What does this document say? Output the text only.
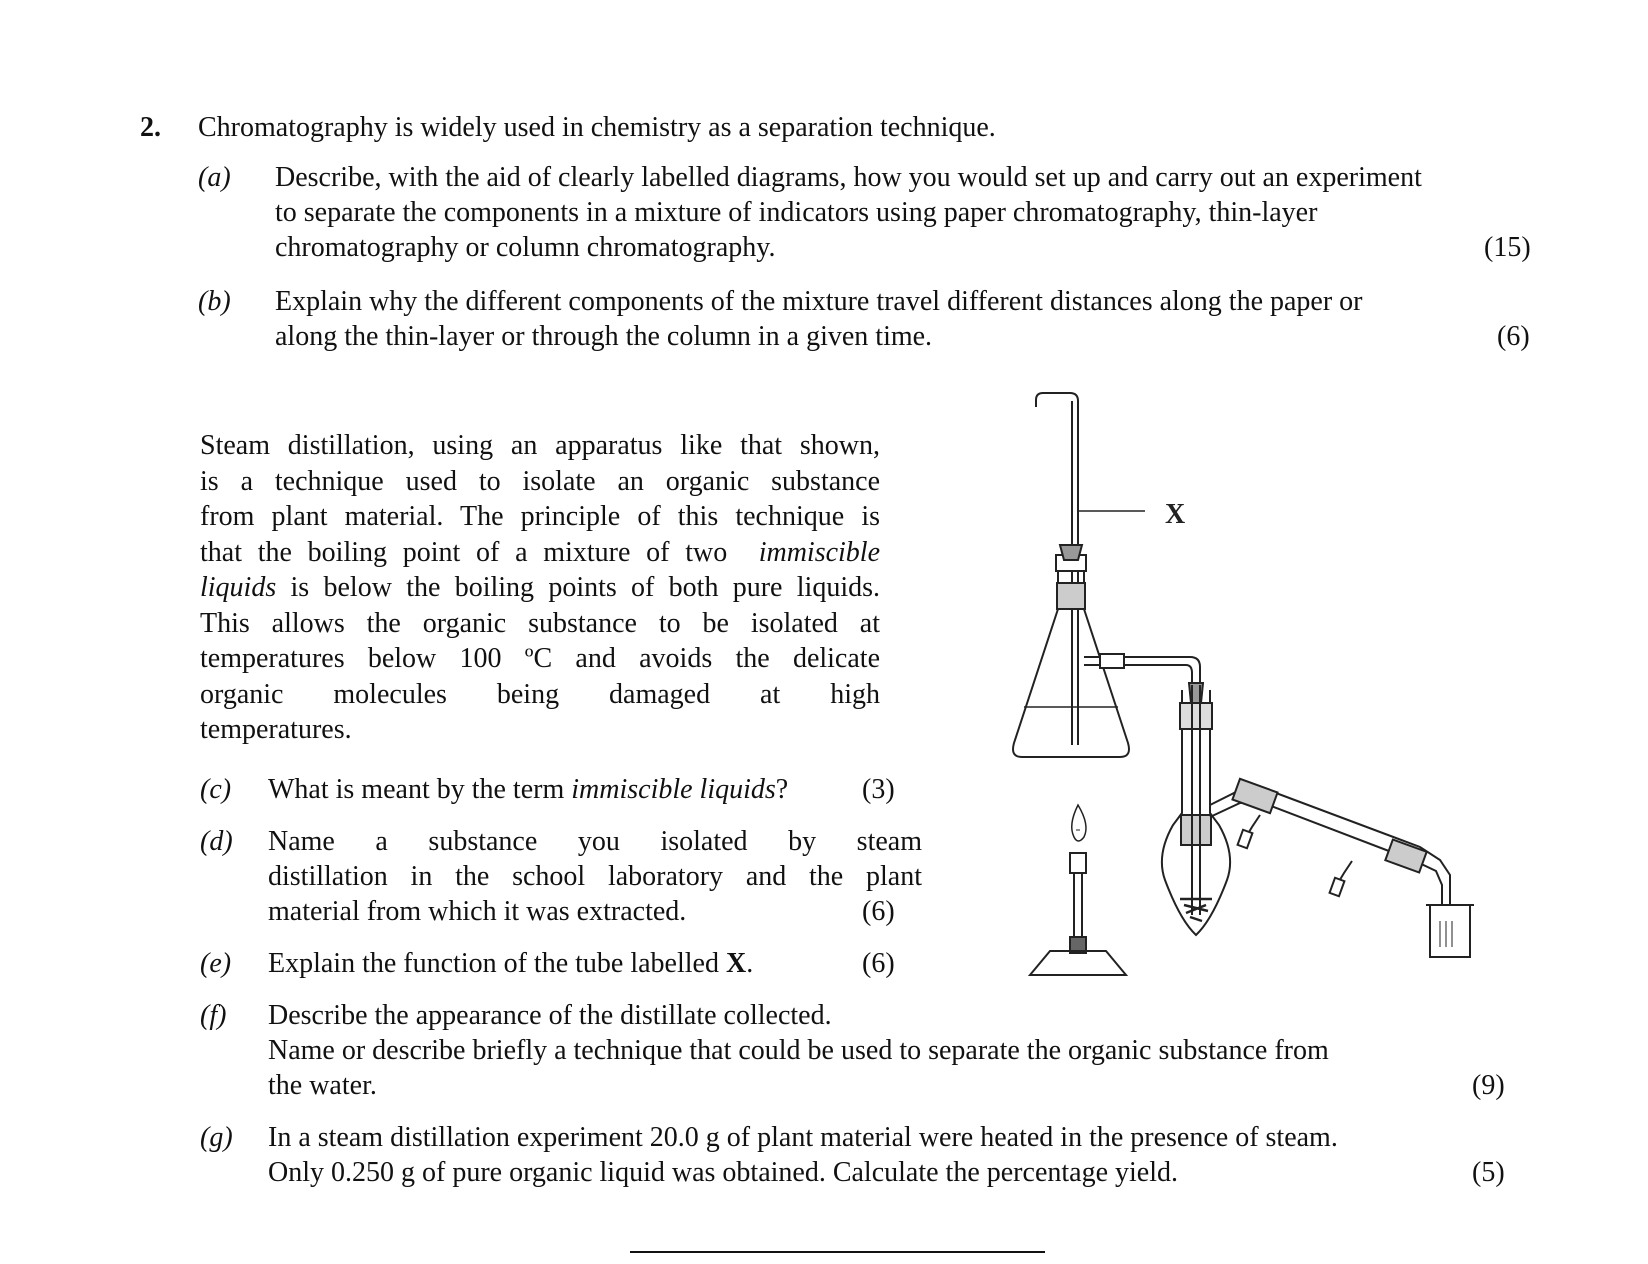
2. Chromatography is widely used in chemistry as a separation technique.
(a) Describe, with the aid of clearly labelled diagrams, how you would set up and carry out an experiment
to separate the components in a mixture of indicators using paper chromatography, thin-layer
chromatography or column chromatography.	(15)
(b) Explain why the different components of the mixture travel different distances along the paper or
along the thin-layer or through the column in a given time.	(6)
Steam distillation, using an apparatus like that shown,
is a technique used to isolate an organic substance
from plant material. The principle of this technique is
that the boiling point of a mixture of two immiscible
liquids is below the boiling points of both pure liquids.
This allows the organic substance to be isolated at
temperatures below 100 ºC and avoids the delicate
organic molecules being damaged at high
temperatures.
(c) What is meant by the term immiscible liquids?	(3)
(d) Name a substance you isolated by steam
distillation in the school laboratory and the plant
material from which it was extracted.	(6)
(e) Explain the function of the tube labelled X.	(6)
(f) Describe the appearance of the distillate collected.
Name or describe briefly a technique that could be used to separate the organic substance from
the water.	(9)
(g) In a steam distillation experiment 20.0 g of plant material were heated in the presence of steam.
Only 0.250 g of pure organic liquid was obtained. Calculate the percentage yield.	(5)
X
